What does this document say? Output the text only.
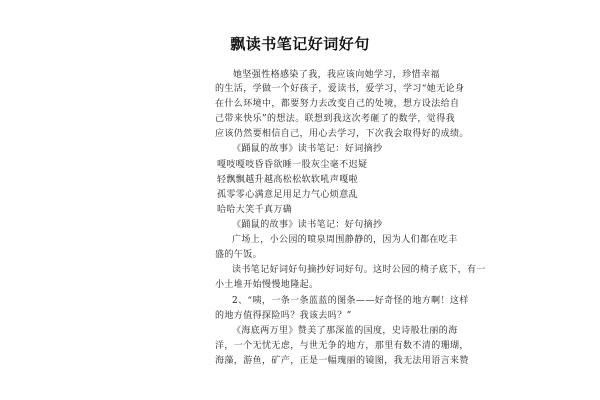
飘读书笔记好词好句
她坚强性格感染了我，我应该向她学习，珍惜幸福
的生活，学做一个好孩子，爱读书，爱学习，学习“她无论身
在什么环境中，都要努力去改变自己的处境，想方设法给自
己带来快乐”的想法。联想到我这次考砸了的数学，觉得我
应该仍然要相信自己，用心去学习，下次我会取得好的成绩。
《踊鼠的故事》读书笔记：好词摘抄
嘎吱嘎吱昏昏欲睡一股灰尘毫不迟疑
轻飘飘越升越高松松软软吼声嘎啦
孤零零心满意足用足力气心烦意乱
哈哈大笑千真万确
《踊鼠的故事》读书笔记：好句摘抄
广场上，小公园的喷泉周围静静的，因为人们都在吃丰
盛的午饭。
读书笔记好词好句摘抄好词好句。这时公园的椅子底下，有一
小土堆开始慢慢地隆起。
2、“咦，一条一条蓝蓝的图条——好奇怪的地方啊！这样
的地方值得探险吗？我该去吗？”
《海底两万里》赞美了那深蓝的国度，史诗般壮丽的海
洋，一个无忧无虑，与世无争的地方，那里有数不清的珊瑚，
海藻，游鱼，矿产，正是一幅瑰丽的镜图，我无法用语言来赞
